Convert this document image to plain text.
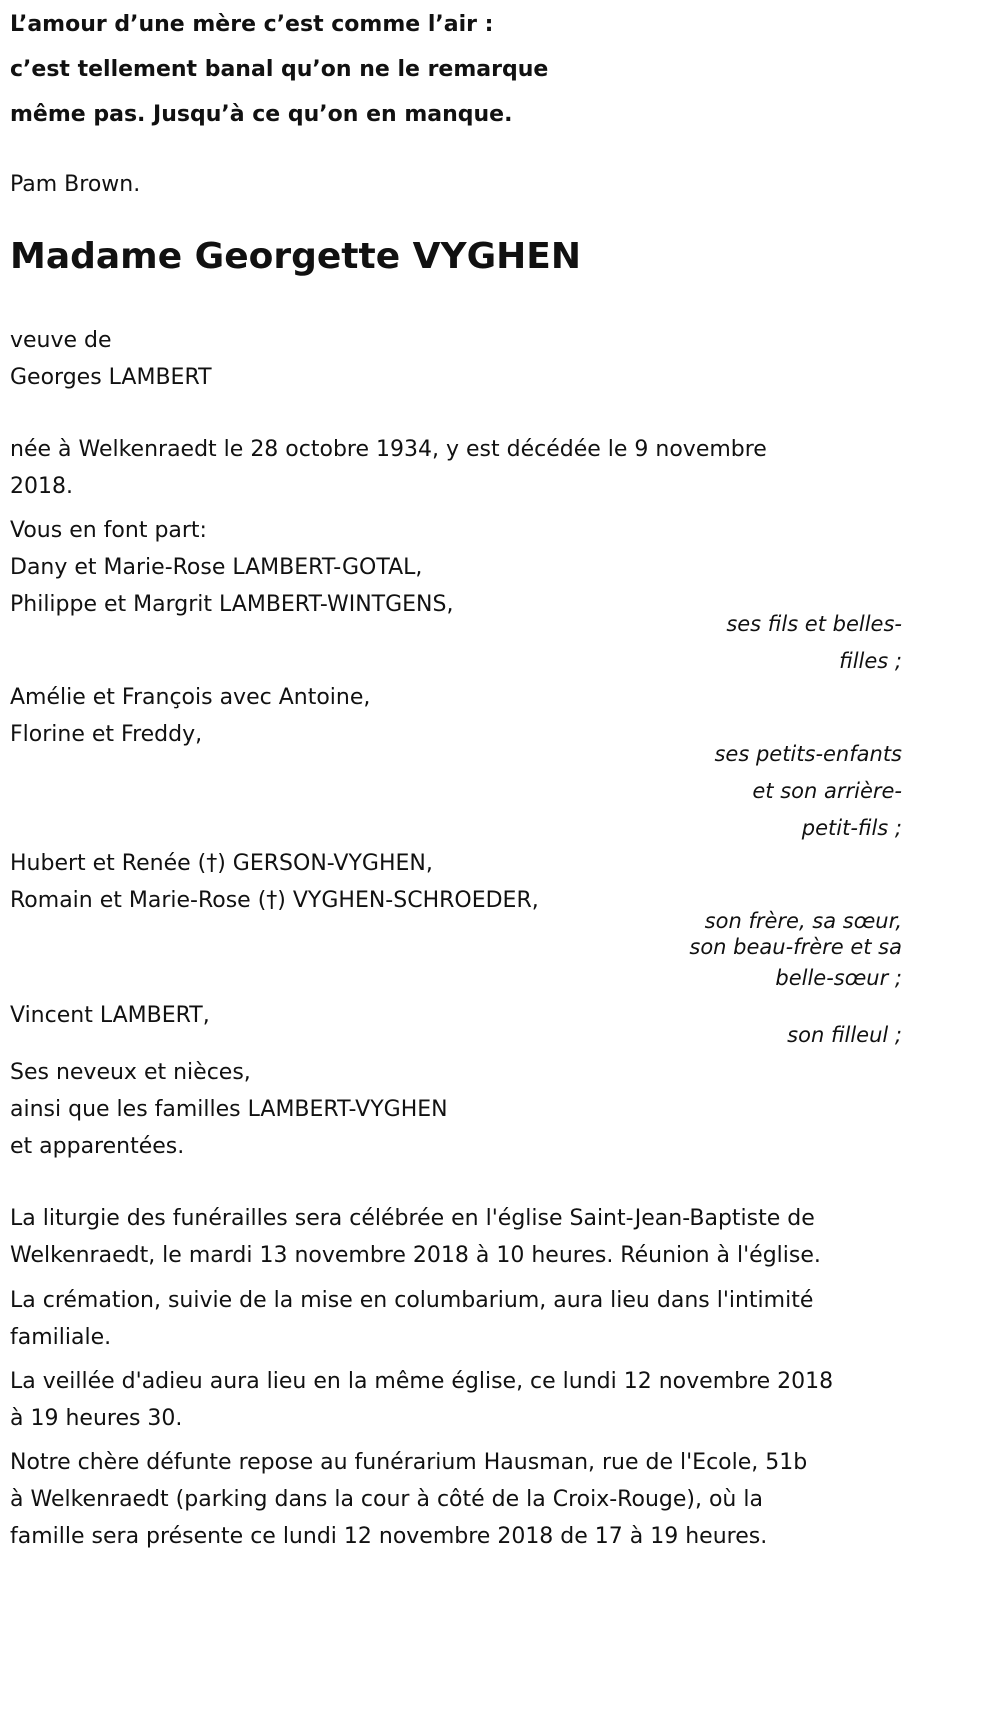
L’amour d’une mère c’est comme l’air :
c’est tellement banal qu’on ne le remarque
même pas. Jusqu’à ce qu’on en manque.
Pam Brown.
Madame Georgette VYGHEN
veuve de
Georges LAMBERT
née à Welkenraedt le 28 octobre 1934, y est décédée le 9 novembre
2018.
Vous en font part:
Dany et Marie-Rose LAMBERT-GOTAL,
Philippe et Margrit LAMBERT-WINTGENS,
ses fils et belles-
filles ;
Amélie et François avec Antoine,
Florine et Freddy,
ses petits-enfants
et son arrière-
petit-fils ;
Hubert et Renée (†) GERSON-VYGHEN,
Romain et Marie-Rose (†) VYGHEN-SCHROEDER,
son frère, sa sœur,
son beau-frère et sa
belle-sœur ;
Vincent LAMBERT,
son filleul ;
Ses neveux et nièces,
ainsi que les familles LAMBERT-VYGHEN
et apparentées.
La liturgie des funérailles sera célébrée en l'église Saint-Jean-Baptiste de
Welkenraedt, le mardi 13 novembre 2018 à 10 heures. Réunion à l'église.
La crémation, suivie de la mise en columbarium, aura lieu dans l'intimité
familiale.
La veillée d'adieu aura lieu en la même église, ce lundi 12 novembre 2018
à 19 heures 30.
Notre chère défunte repose au funérarium Hausman, rue de l'Ecole, 51b
à Welkenraedt (parking dans la cour à côté de la Croix-Rouge), où la
famille sera présente ce lundi 12 novembre 2018 de 17 à 19 heures.
